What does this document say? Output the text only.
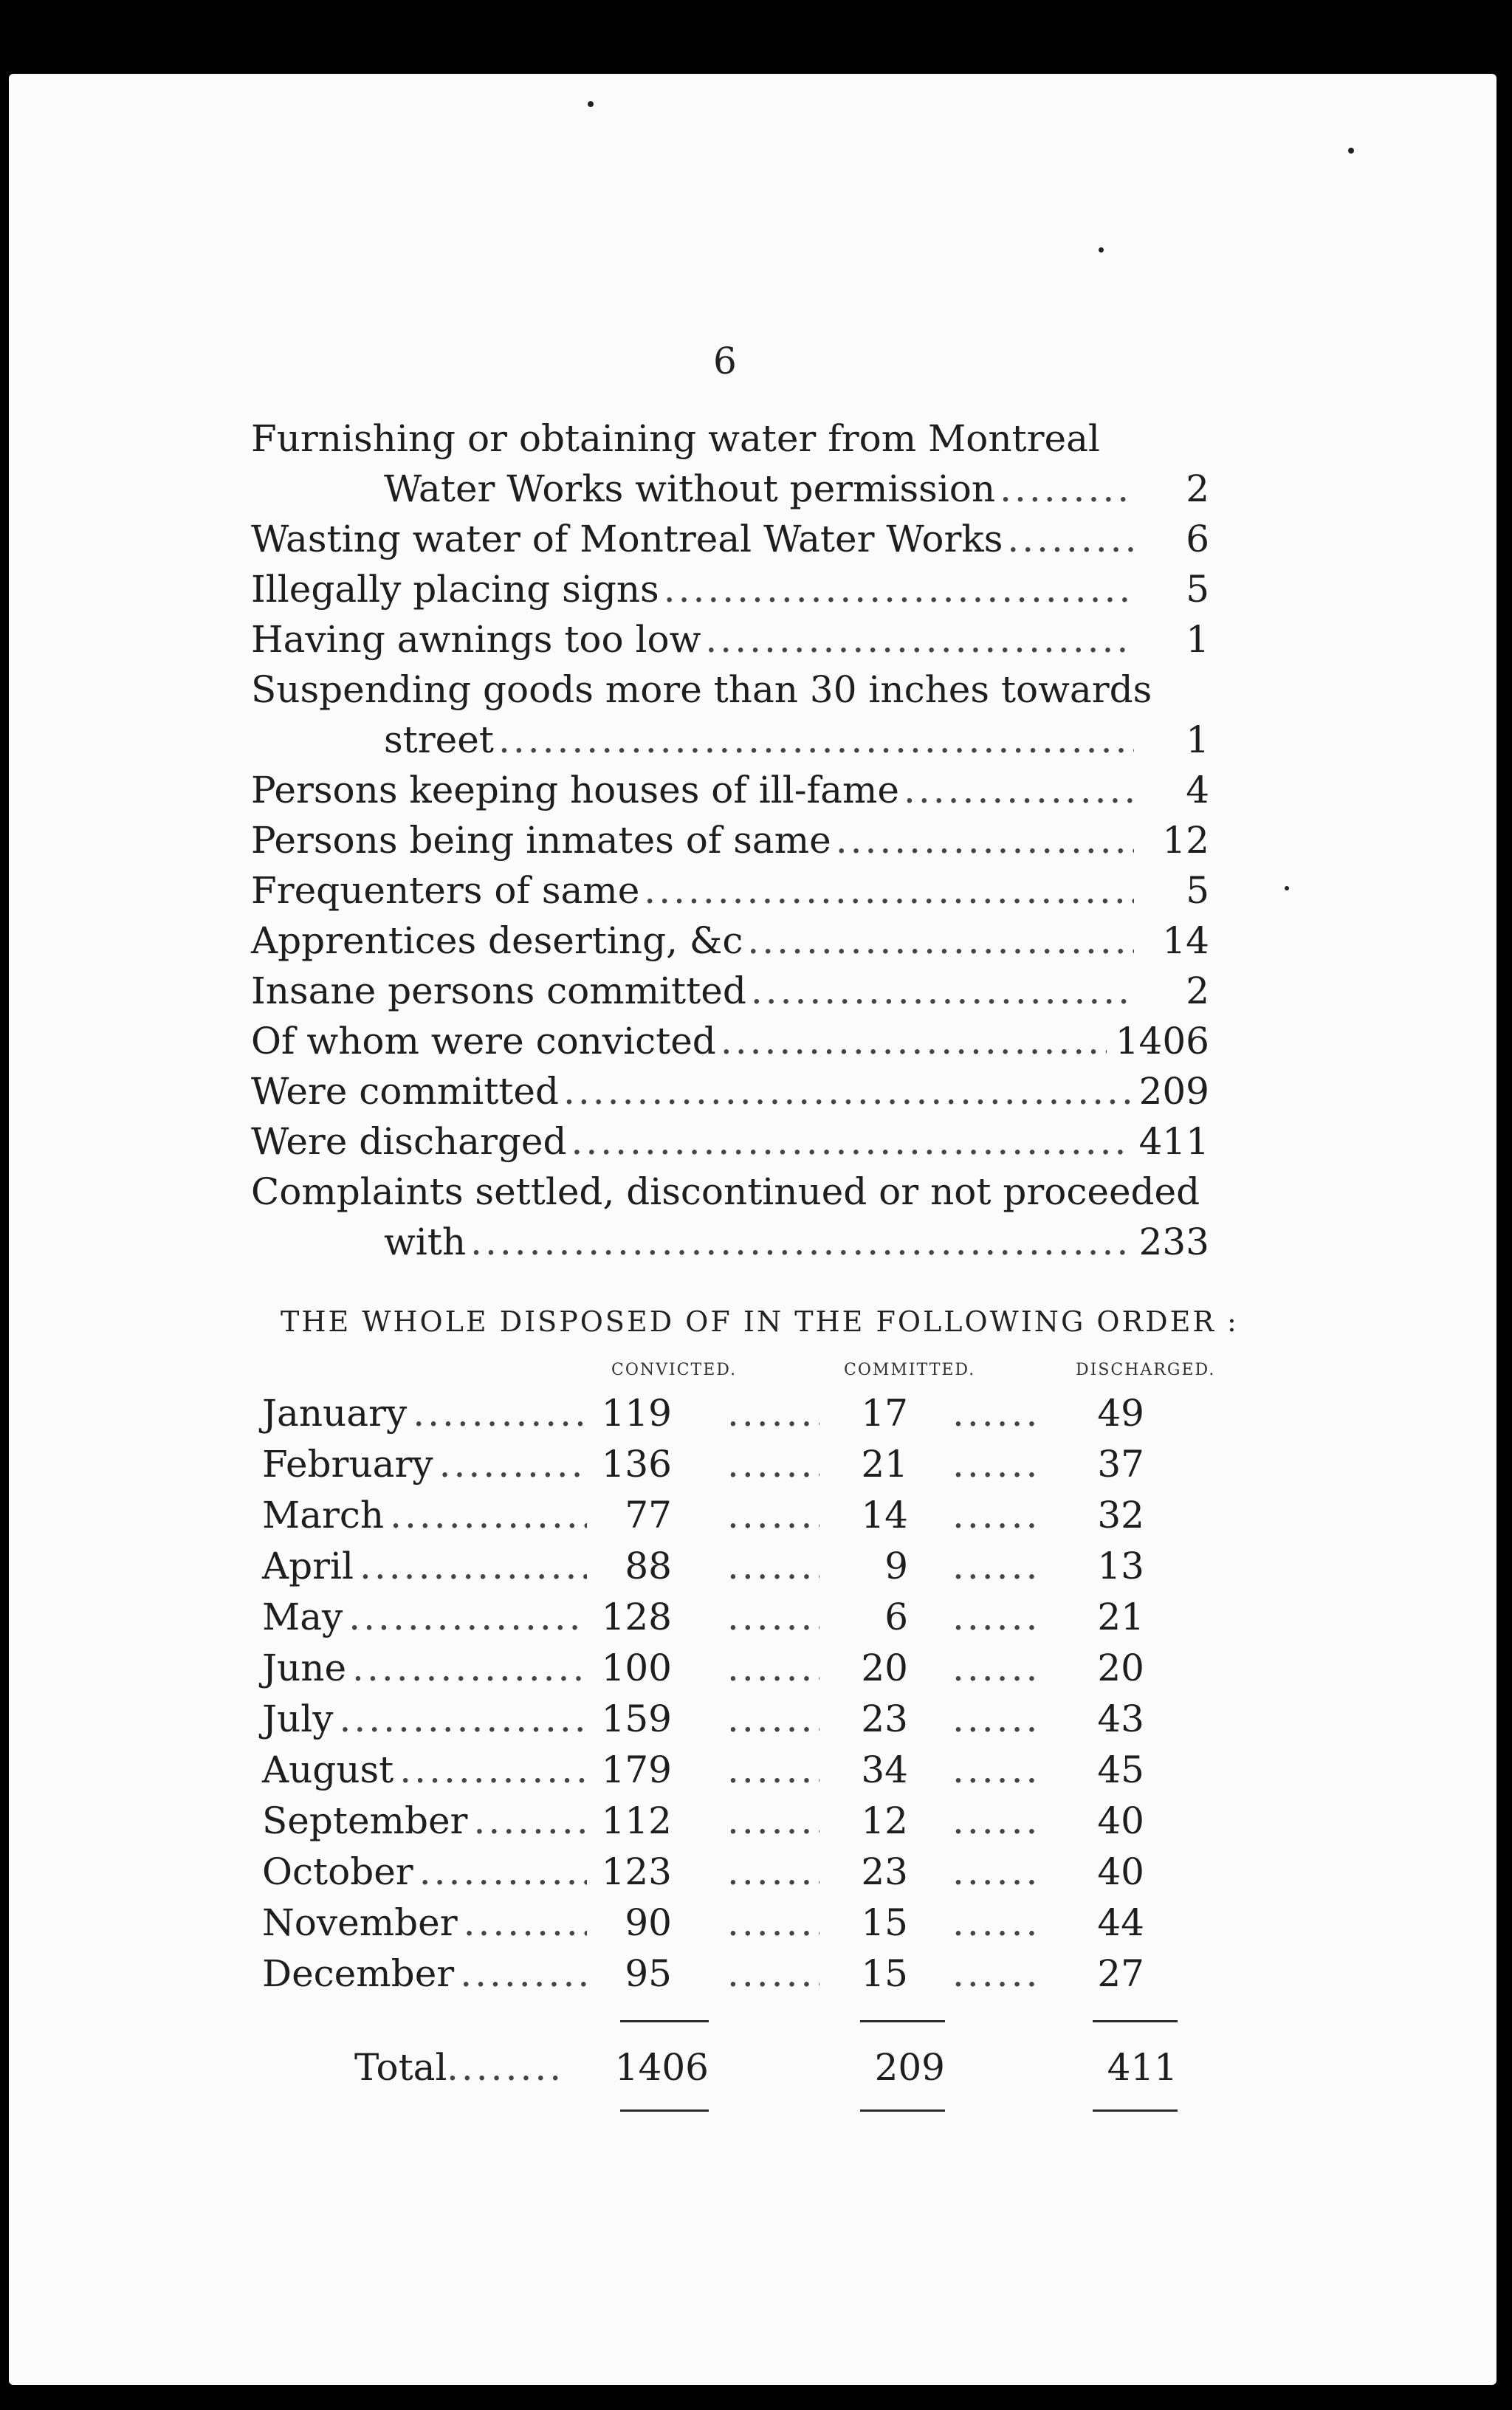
6
Furnishing or obtaining water from Montreal
Water Works without permission .....	2
Wasting water of Montreal Water Works .....	6
Illegally placing signs .....	5
Having awnings too low .....	1
Suspending goods more than 30 inches towards
street .....	1
Persons keeping houses of ill-fame .....	4
Persons being inmates of same .....	12
Frequenters of same .....	5
Apprentices deserting, &c .....	14
Insane persons committed .....	2
Of whom were convicted .....	1406
Were committed .....	209
Were discharged .....	411
Complaints settled, discontinued or not proceeded
with .....	233
THE WHOLE DISPOSED OF IN THE FOLLOWING ORDER :
CONVICTED.	COMMITTED.	DISCHARGED.
January .....	119 .....	17 .....	49
February .....	136 .....	21 .....	37
March .....	77 .....	14 .....	32
April .....	88 .....	9 .....	13
May .....	128 .....	6 .....	21
June .....	100 .....	20 .....	20
July .....	159 .....	23 .....	43
August .....	179 .....	34 .....	45
September .....	112 .....	12 .....	40
October .....	123 .....	23 .....	40
November .....	90 .....	15 .....	44
December .....	95 .....	15 .....	27
Total .....	1406	209	411
